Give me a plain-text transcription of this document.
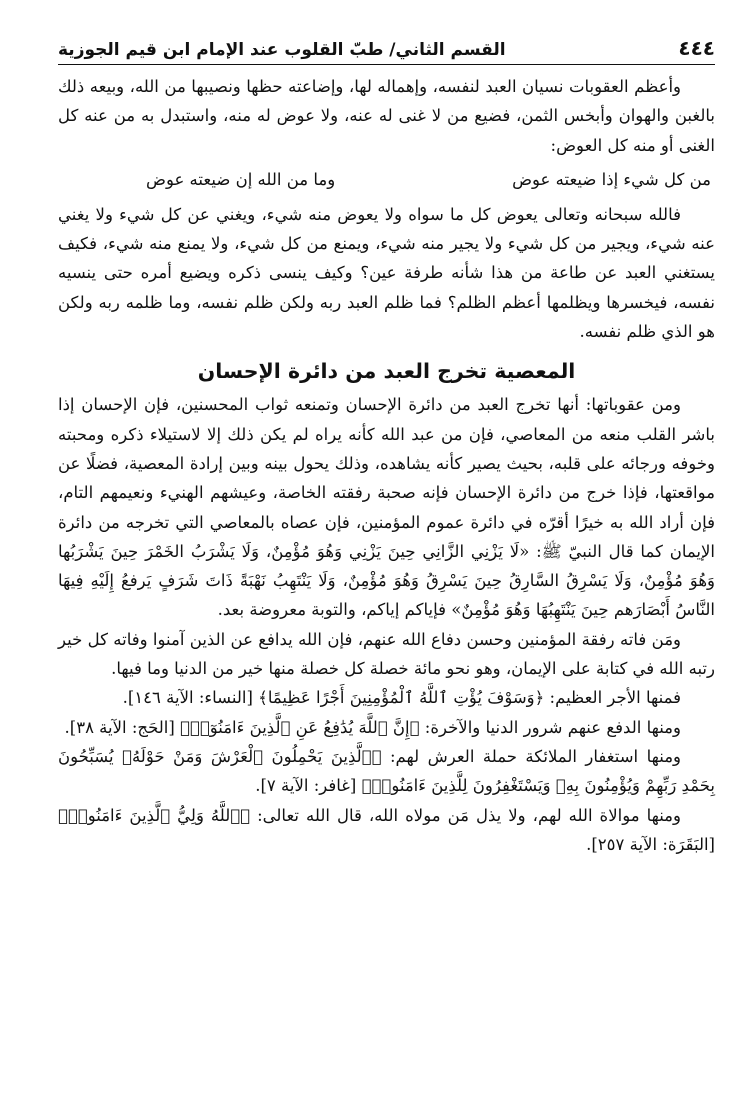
٤٤٤
القسم الثاني/ طبّ القلوب عند الإمام ابن قيم الجوزية

وأعظم العقوبات نسيان العبد لنفسه، وإهماله لها، وإضاعته حظها ونصيبها من الله، وبيعه ذلك بالغبن والهوان وأبخس الثمن، فضيع من لا غنى له عنه، ولا عوض له منه، واستبدل به من عنه كل الغنى أو منه كل العوض:

من كل شيء إذا ضيعته عوض
وما من الله إن ضيعته عوض

فالله سبحانه وتعالى يعوض كل ما سواه ولا يعوض منه شيء، ويغني عن كل شيء ولا يغني عنه شيء، ويجير من كل شيء ولا يجير منه شيء، ويمنع من كل شيء، ولا يمنع منه شيء، فكيف يستغني العبد عن طاعة من هذا شأنه طرفة عين؟ وكيف ينسى ذكره ويضيع أمره حتى ينسيه نفسه، فيخسرها ويظلمها أعظم الظلم؟ فما ظلم العبد ربه ولكن ظلم نفسه، وما ظلمه ربه ولكن هو الذي ظلم نفسه.

المعصية تخرج العبد من دائرة الإحسان

ومن عقوباتها: أنها تخرج العبد من دائرة الإحسان وتمنعه ثواب المحسنين، فإن الإحسان إذا باشر القلب منعه من المعاصي، فإن من عبد الله كأنه يراه لم يكن ذلك إلا لاستيلاء ذكره ومحبته وخوفه ورجائه على قلبه، بحيث يصير كأنه يشاهده، وذلك يحول بينه وبين إرادة المعصية، فضلًا عن مواقعتها، فإذا خرج من دائرة الإحسان فإنه صحبة رفقته الخاصة، وعيشهم الهنيء ونعيمهم التام، فإن أراد الله به خيرًا أقرّه في دائرة عموم المؤمنين، فإن عصاه بالمعاصي التي تخرجه من دائرة الإيمان كما قال النبيّ ﷺ: «لَا يَزْنِي الزَّانِي حِينَ يَزْنِي وَهُوَ مُؤْمِنٌ، وَلَا يَشْرَبُ الخَمْرَ حِينَ يَشْرَبُها وَهُوَ مُؤْمِنٌ، وَلَا يَسْرِقُ السَّارِقُ حِينَ يَسْرِقُ وَهُوَ مُؤْمِنٌ، وَلَا يَنْتَهِبُ نَهْبَةً ذَاتَ شَرَفٍ يَرفعُ إِلَيْهِ فِيهَا النَّاسُ أَبْصَارَهم حِينَ يَنْتَهِبُهَا وَهُوَ مُؤْمِنٌ» فإياكم إياكم، والتوبة معروضة بعد.

ومَن فاته رفقة المؤمنين وحسن دفاع الله عنهم، فإن الله يدافع عن الذين آمنوا وفاته كل خير رتبه الله في كتابة على الإيمان، وهو نحو مائة خصلة كل خصلة منها خير من الدنيا وما فيها.

فمنها الأجر العظيم: ﴿وَسَوْفَ يُؤْتِ ٱللَّهُ ٱلْمُؤْمِنِينَ أَجْرًا عَظِيمًا﴾ [النساء: الآية ١٤٦].

ومنها الدفع عنهم شرور الدنيا والآخرة: ﴿إِنَّ ٱللَّهَ يُدَٰفِعُ عَنِ ٱلَّذِينَ ءَامَنُوٓا۟﴾ [الحَج: الآية ٣٨].

ومنها استغفار الملائكة حملة العرش لهم: ﴿ٱلَّذِينَ يَحْمِلُونَ ٱلْعَرْشَ وَمَنْ حَوْلَهُۥ يُسَبِّحُونَ بِحَمْدِ رَبِّهِمْ وَيُؤْمِنُونَ بِهِۦ وَيَسْتَغْفِرُونَ لِلَّذِينَ ءَامَنُوا۟﴾ [غافر: الآية ٧].

ومنها موالاة الله لهم، ولا يذل مَن مولاه الله، قال الله تعالى: ﴿ٱللَّهُ وَلِيُّ ٱلَّذِينَ ءَامَنُوا۟﴾ [البَقَرَة: الآية ٢٥٧].
